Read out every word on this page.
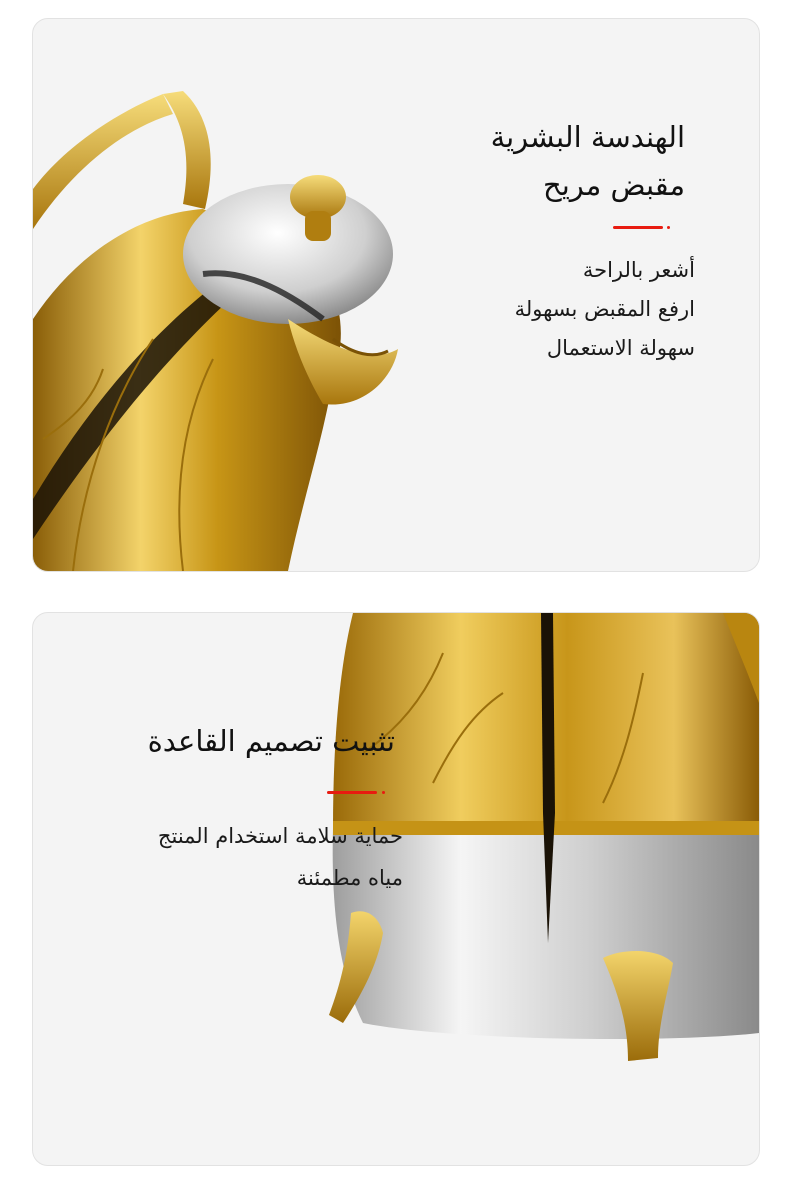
الهندسة البشرية

مقبض مريح

أشعر بالراحة

ارفع المقبض بسهولة

سهولة الاستعمال

تثبيت تصميم القاعدة

حماية سلامة استخدام المنتج

مياه مطمئنة
